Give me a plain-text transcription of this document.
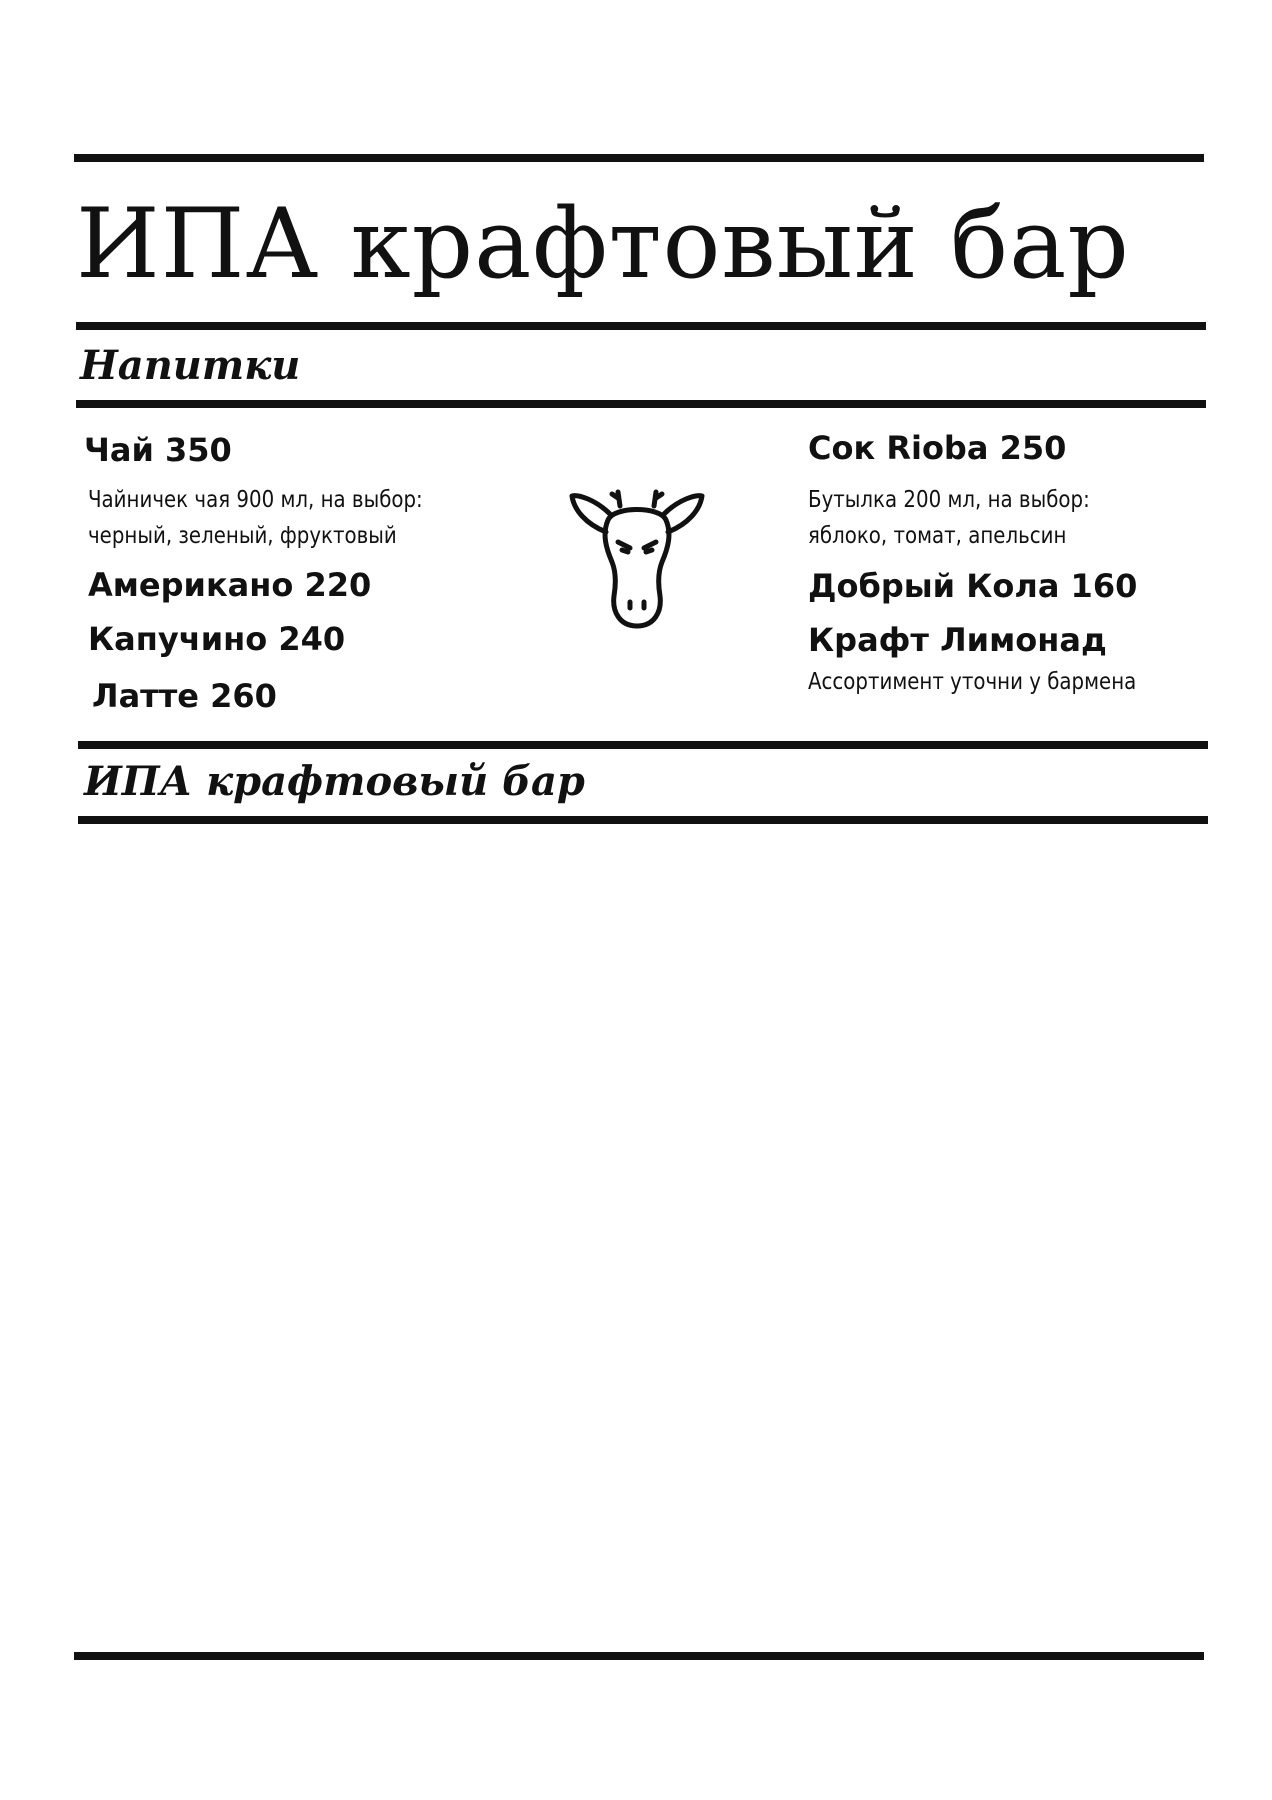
ИПА крафтовый бар
Напитки
Чай 350
Чайничек чая 900 мл, на выбор:
черный, зеленый, фруктовый
Американо 220
Капучино 240
Латте 260
Сок Rioba 250
Бутылка 200 мл, на выбор:
яблоко, томат, апельсин
Добрый Кола 160
Крафт Лимонад
Ассортимент уточни у бармена
ИПА крафтовый бар
